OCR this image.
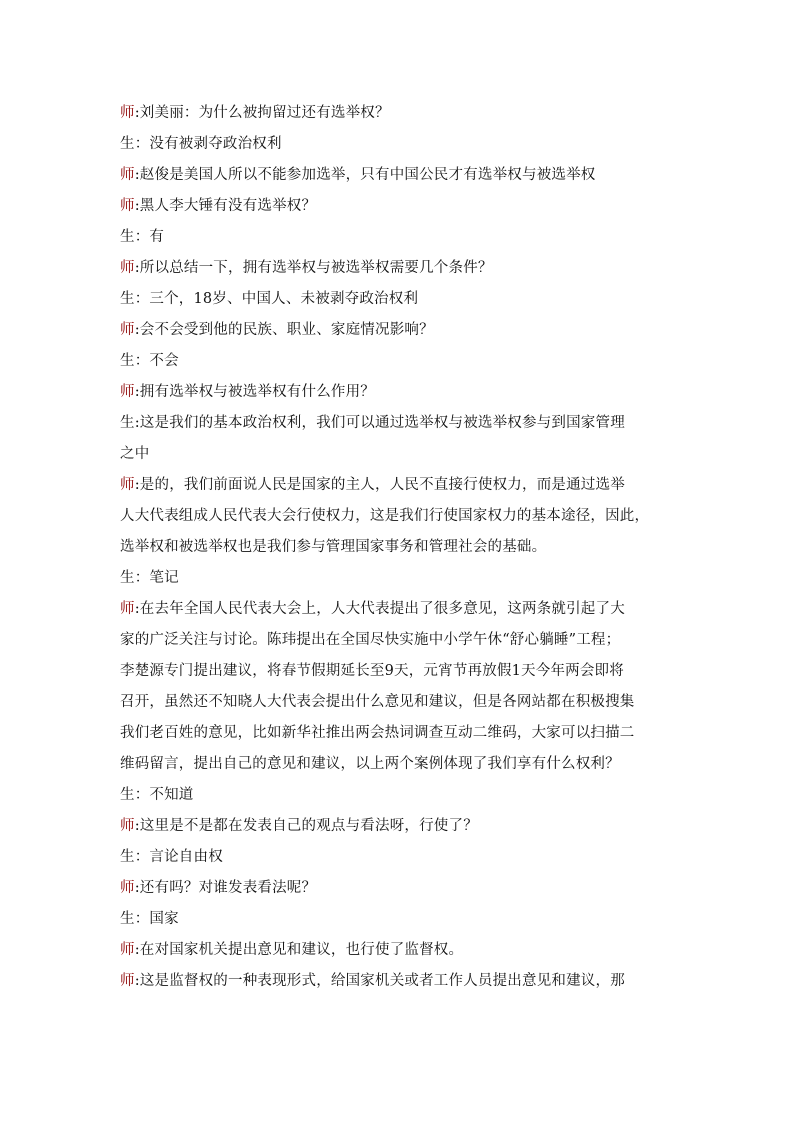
师:刘美丽：为什么被拘留过还有选举权？
生：没有被剥夺政治权利
师:赵俊是美国人所以不能参加选举，只有中国公民才有选举权与被选举权
师:黑人李大锤有没有选举权？
生：有
师:所以总结一下，拥有选举权与被选举权需要几个条件？
生：三个，18岁、中国人、未被剥夺政治权利
师:会不会受到他的民族、职业、家庭情况影响？
生：不会
师:拥有选举权与被选举权有什么作用？
生:这是我们的基本政治权利，我们可以通过选举权与被选举权参与到国家管理
之中
师:是的，我们前面说人民是国家的主人，人民不直接行使权力，而是通过选举
人大代表组成人民代表大会行使权力，这是我们行使国家权力的基本途径，因此，
选举权和被选举权也是我们参与管理国家事务和管理社会的基础。
生：笔记
师:在去年全国人民代表大会上，人大代表提出了很多意见，这两条就引起了大
家的广泛关注与讨论。陈玮提出在全国尽快实施中小学午休“舒心躺睡”工程；
李楚源专门提出建议，将春节假期延长至9天，元宵节再放假1天今年两会即将
召开，虽然还不知晓人大代表会提出什么意见和建议，但是各网站都在积极搜集
我们老百姓的意见，比如新华社推出两会热词调查互动二维码，大家可以扫描二
维码留言，提出自己的意见和建议，以上两个案例体现了我们享有什么权利？
生：不知道
师:这里是不是都在发表自己的观点与看法呀，行使了？
生：言论自由权
师:还有吗？对谁发表看法呢？
生：国家
师:在对国家机关提出意见和建议，也行使了监督权。
师:这是监督权的一种表现形式，给国家机关或者工作人员提出意见和建议，那
